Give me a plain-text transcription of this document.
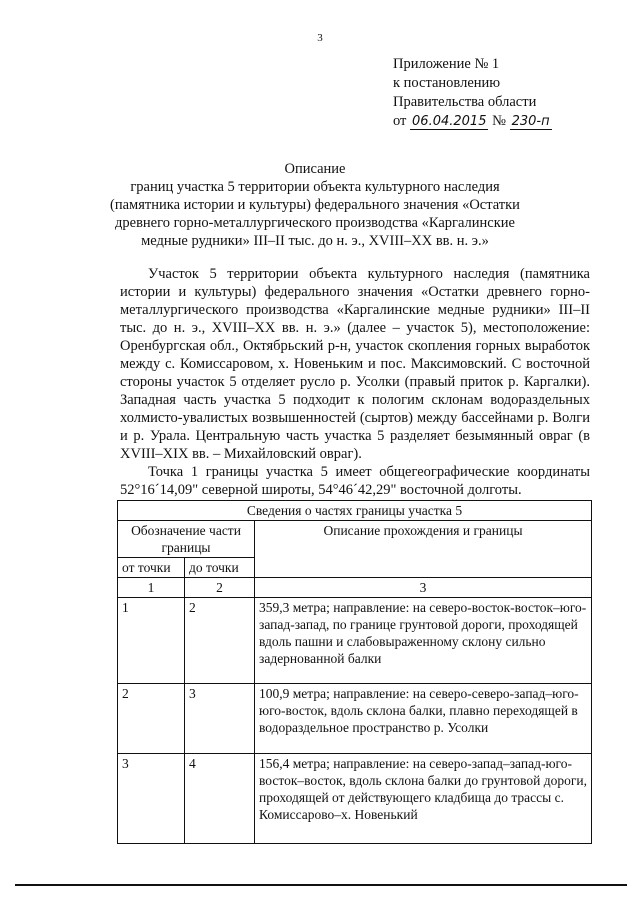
3
Приложение № 1
к постановлению
Правительства области
от 06.04.2015 № 230-п
Описание
границ участка 5 территории объекта культурного наследия (памятника истории и культуры) федерального значения «Остатки древнего горно-металлургического производства «Каргалинские медные рудники» III–II тыс. до н. э., XVIII–XX вв. н. э.»

Участок 5 территории объекта культурного наследия (памятника истории и культуры) федерального значения «Остатки древнего горно-металлургического производства «Каргалинские медные рудники» III–II тыс. до н. э., XVIII–XX вв. н. э.» (далее – участок 5), местоположение: Оренбургская обл., Октябрьский р-н, участок скопления горных выработок между с. Комиссаровом, х. Новеньким и пос. Максимовский. С восточной стороны участок 5 отделяет русло р. Усолки (правый приток р. Каргалки). Западная часть участка 5 подходит к пологим склонам водораздельных холмисто-увалистых возвышенностей (сыртов) между бассейнами р. Волги и р. Урала. Центральную часть участка 5 разделяет безымянный овраг (в XVIII–XIX вв. – Михайловский овраг).

Точка 1 границы участка 5 имеет общегеографические координаты 52°16´14,09" северной широты, 54°46´42,29" восточной долготы.

Сведения о частях границы участка 5		
Обозначение части границы		Описание прохождения и границы
от точки	до точки	
1	2	3
1	2	359,3 метра; направление: на северо-восток-восток–юго-запад-запад, по границе грунтовой дороги, проходящей вдоль пашни и слабовыраженному склону сильно задернованной балки
2	3	100,9 метра; направление: на северо-северо-запад–юго-юго-восток, вдоль склона балки, плавно переходящей в водораздельное пространство р. Усолки
3	4	156,4 метра; направление: на северо-запад–запад-юго-восток–восток, вдоль склона балки до грунтовой дороги, проходящей от действующего кладбища до трассы с. Комиссарово–х. Новенький
